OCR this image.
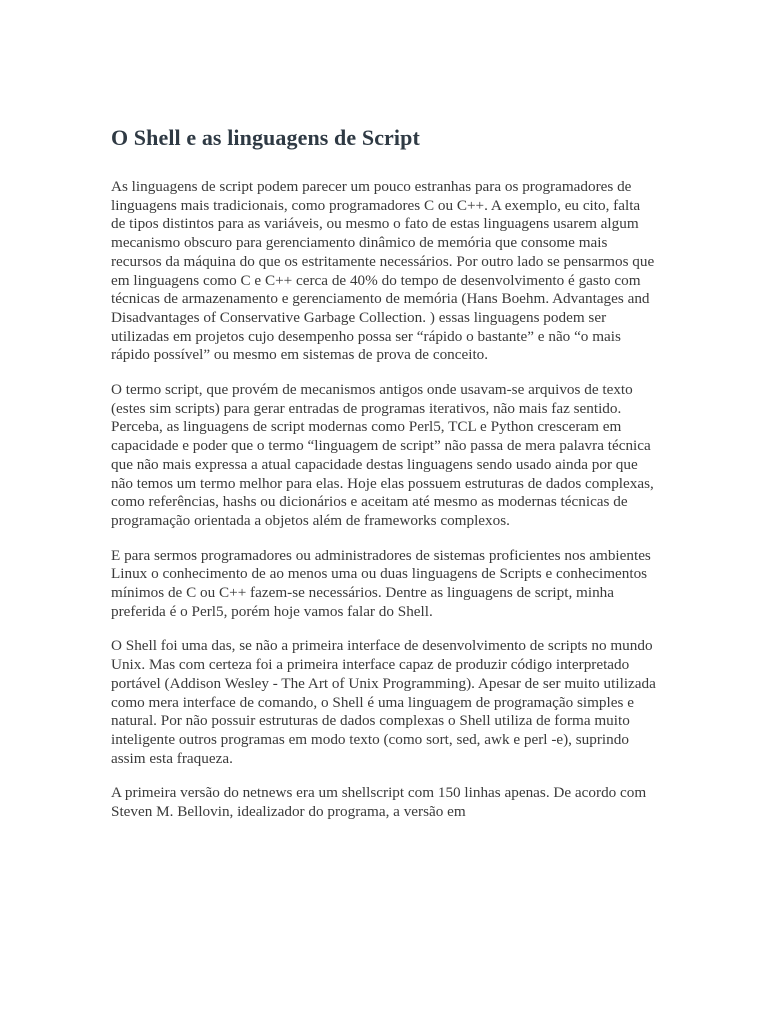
O Shell e as linguagens de Script

As linguagens de script podem parecer um pouco estranhas para os programadores de linguagens mais tradicionais, como programadores C ou C++. A exemplo, eu cito, falta de tipos distintos para as variáveis, ou mesmo o fato de estas linguagens usarem algum mecanismo obscuro para gerenciamento dinâmico de memória que consome mais recursos da máquina do que os estritamente necessários. Por outro lado se pensarmos que em linguagens como C e C++ cerca de 40% do tempo de desenvolvimento é gasto com técnicas de armazenamento e gerenciamento de memória (Hans Boehm. Advantages and Disadvantages of Conservative Garbage Collection. ) essas linguagens podem ser utilizadas em projetos cujo desempenho possa ser “rápido o bastante” e não “o mais rápido possível” ou mesmo em sistemas de prova de conceito.

O termo script, que provém de mecanismos antigos onde usavam-se arquivos de texto (estes sim scripts) para gerar entradas de programas iterativos, não mais faz sentido. Perceba, as linguagens de script modernas como Perl5, TCL e Python cresceram em capacidade e poder que o termo “linguagem de script” não passa de mera palavra técnica que não mais expressa a atual capacidade destas linguagens sendo usado ainda por que não temos um termo melhor para elas. Hoje elas possuem estruturas de dados complexas, como referências, hashs ou dicionários e aceitam até mesmo as modernas técnicas de programação orientada a objetos além de frameworks complexos.

E para sermos programadores ou administradores de sistemas proficientes nos ambientes Linux o conhecimento de ao menos uma ou duas linguagens de Scripts e conhecimentos mínimos de C ou C++ fazem-se necessários. Dentre as linguagens de script, minha preferida é o Perl5, porém hoje vamos falar do Shell.

O Shell foi uma das, se não a primeira interface de desenvolvimento de scripts no mundo Unix. Mas com certeza foi a primeira interface capaz de produzir código interpretado portável (Addison Wesley - The Art of Unix Programming). Apesar de ser muito utilizada como mera interface de comando, o Shell é uma linguagem de programação simples e natural. Por não possuir estruturas de dados complexas o Shell utiliza de forma muito inteligente outros programas em modo texto (como sort, sed, awk e perl -e), suprindo assim esta fraqueza.

A primeira versão do netnews era um shellscript com 150 linhas apenas. De acordo com Steven M. Bellovin, idealizador do programa, a versão em
